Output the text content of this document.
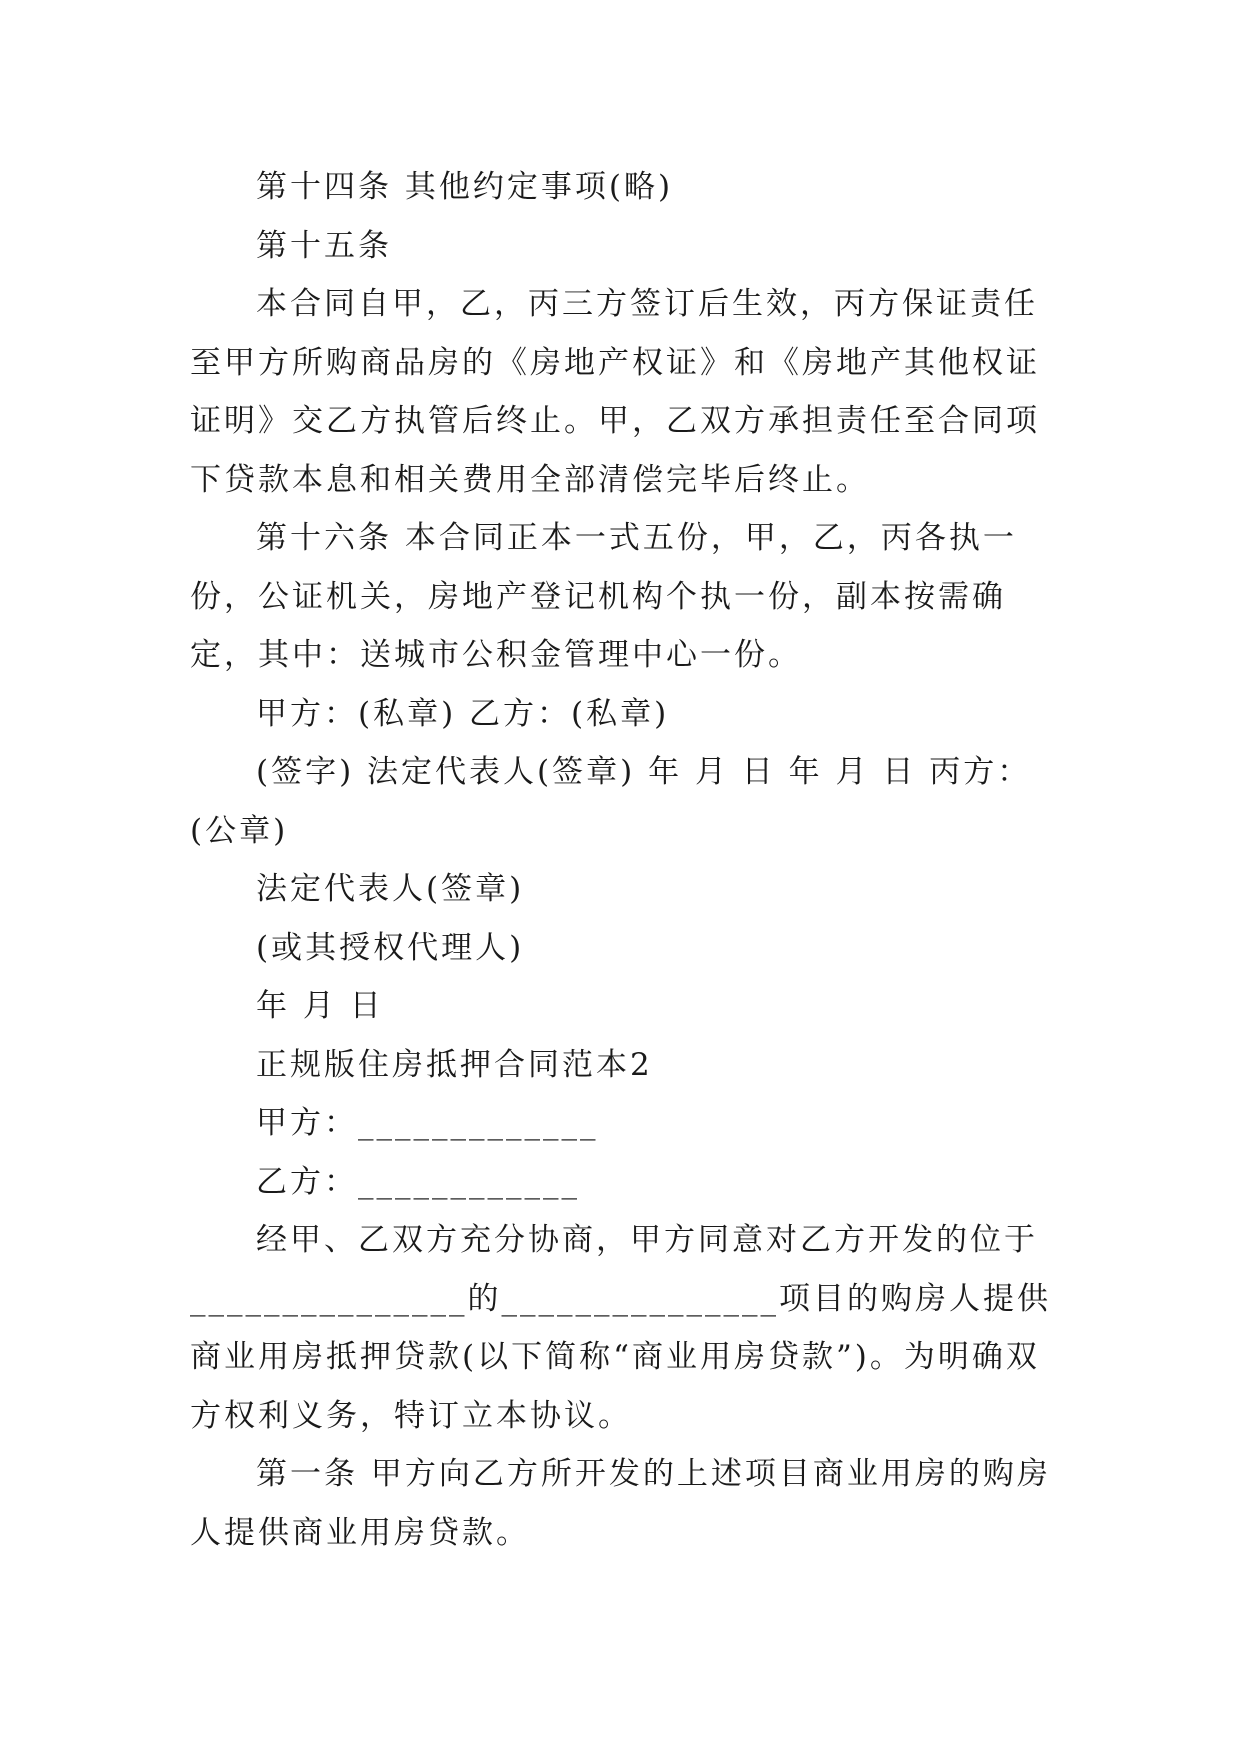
第十四条 其他约定事项(略)

第十五条

本合同自甲，乙，丙三方签订后生效，丙方保证责任至甲方所购商品房的《房地产权证》和《房地产其他权证证明》交乙方执管后终止。甲，乙双方承担责任至合同项下贷款本息和相关费用全部清偿完毕后终止。

第十六条 本合同正本一式五份，甲，乙，丙各执一份，公证机关，房地产登记机构个执一份，副本按需确定，其中：送城市公积金管理中心一份。

甲方：(私章) 乙方：(私章)

(签字) 法定代表人(签章) 年 月 日 年 月 日 丙方：(公章)

法定代表人(签章)

(或其授权代理人)

年 月 日

正规版住房抵押合同范本2

甲方：_____________

乙方：____________

经甲、乙双方充分协商，甲方同意对乙方开发的位于_______________的_______________项目的购房人提供商业用房抵押贷款(以下简称“商业用房贷款”)。为明确双方权利义务，特订立本协议。

第一条 甲方向乙方所开发的上述项目商业用房的购房人提供商业用房贷款。
